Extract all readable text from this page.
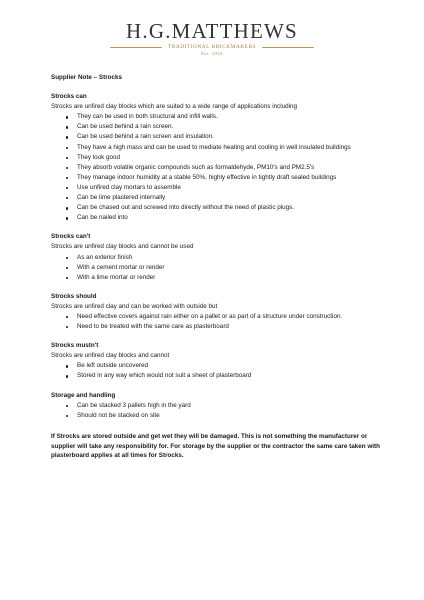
H.G.MATTHEWS
TRADITIONAL BRICKMAKERS
Est. 1923

Supplier Note – Strocks

Strocks can

Strocks are unfired clay blocks which are suited to a wide range of applications including

They can be used in both structural and infill walls.
Can be used behind a rain screen.
Can be used behind a rain screen and insulation.
They have a high mass and can be used to mediate heating and cooling in well insulated buildings
They look good
They absorb volatile organic compounds such as formaldehyde, PM10's and PM2.5's
They manage indoor humidity at a stable 50%, highly effective in tightly draft sealed buildings
Use unfired clay mortars to assemble
Can be lime plastered internally
Can be chased out and screwed into directly without the need of plastic plugs.
Can be nailed into
Strocks can't

Strocks are unfired clay blocks and cannot be used

As an exterior finish
With a cement mortar or render
With a lime mortar or render
Strocks should

Strocks are unfired clay and can be worked with outside but

Need effective covers against rain either on a pallet or as part of a structure under construction.
Need to be treated with the same care as plasterboard
Strocks mustn't

Strocks are unfired clay blocks and cannot

Be left outside uncovered
Stored in any way which would not suit a sheet of plasterboard
Storage and handling
Can be stacked 3 pallets high in the yard
Should not be stacked on site

If Strocks are stored outside and get wet they will be damaged. This is not something the manufacturer or supplier will take any responsibility for. For storage by the supplier or the contractor the same care taken with plasterboard applies at all times for Strocks.
